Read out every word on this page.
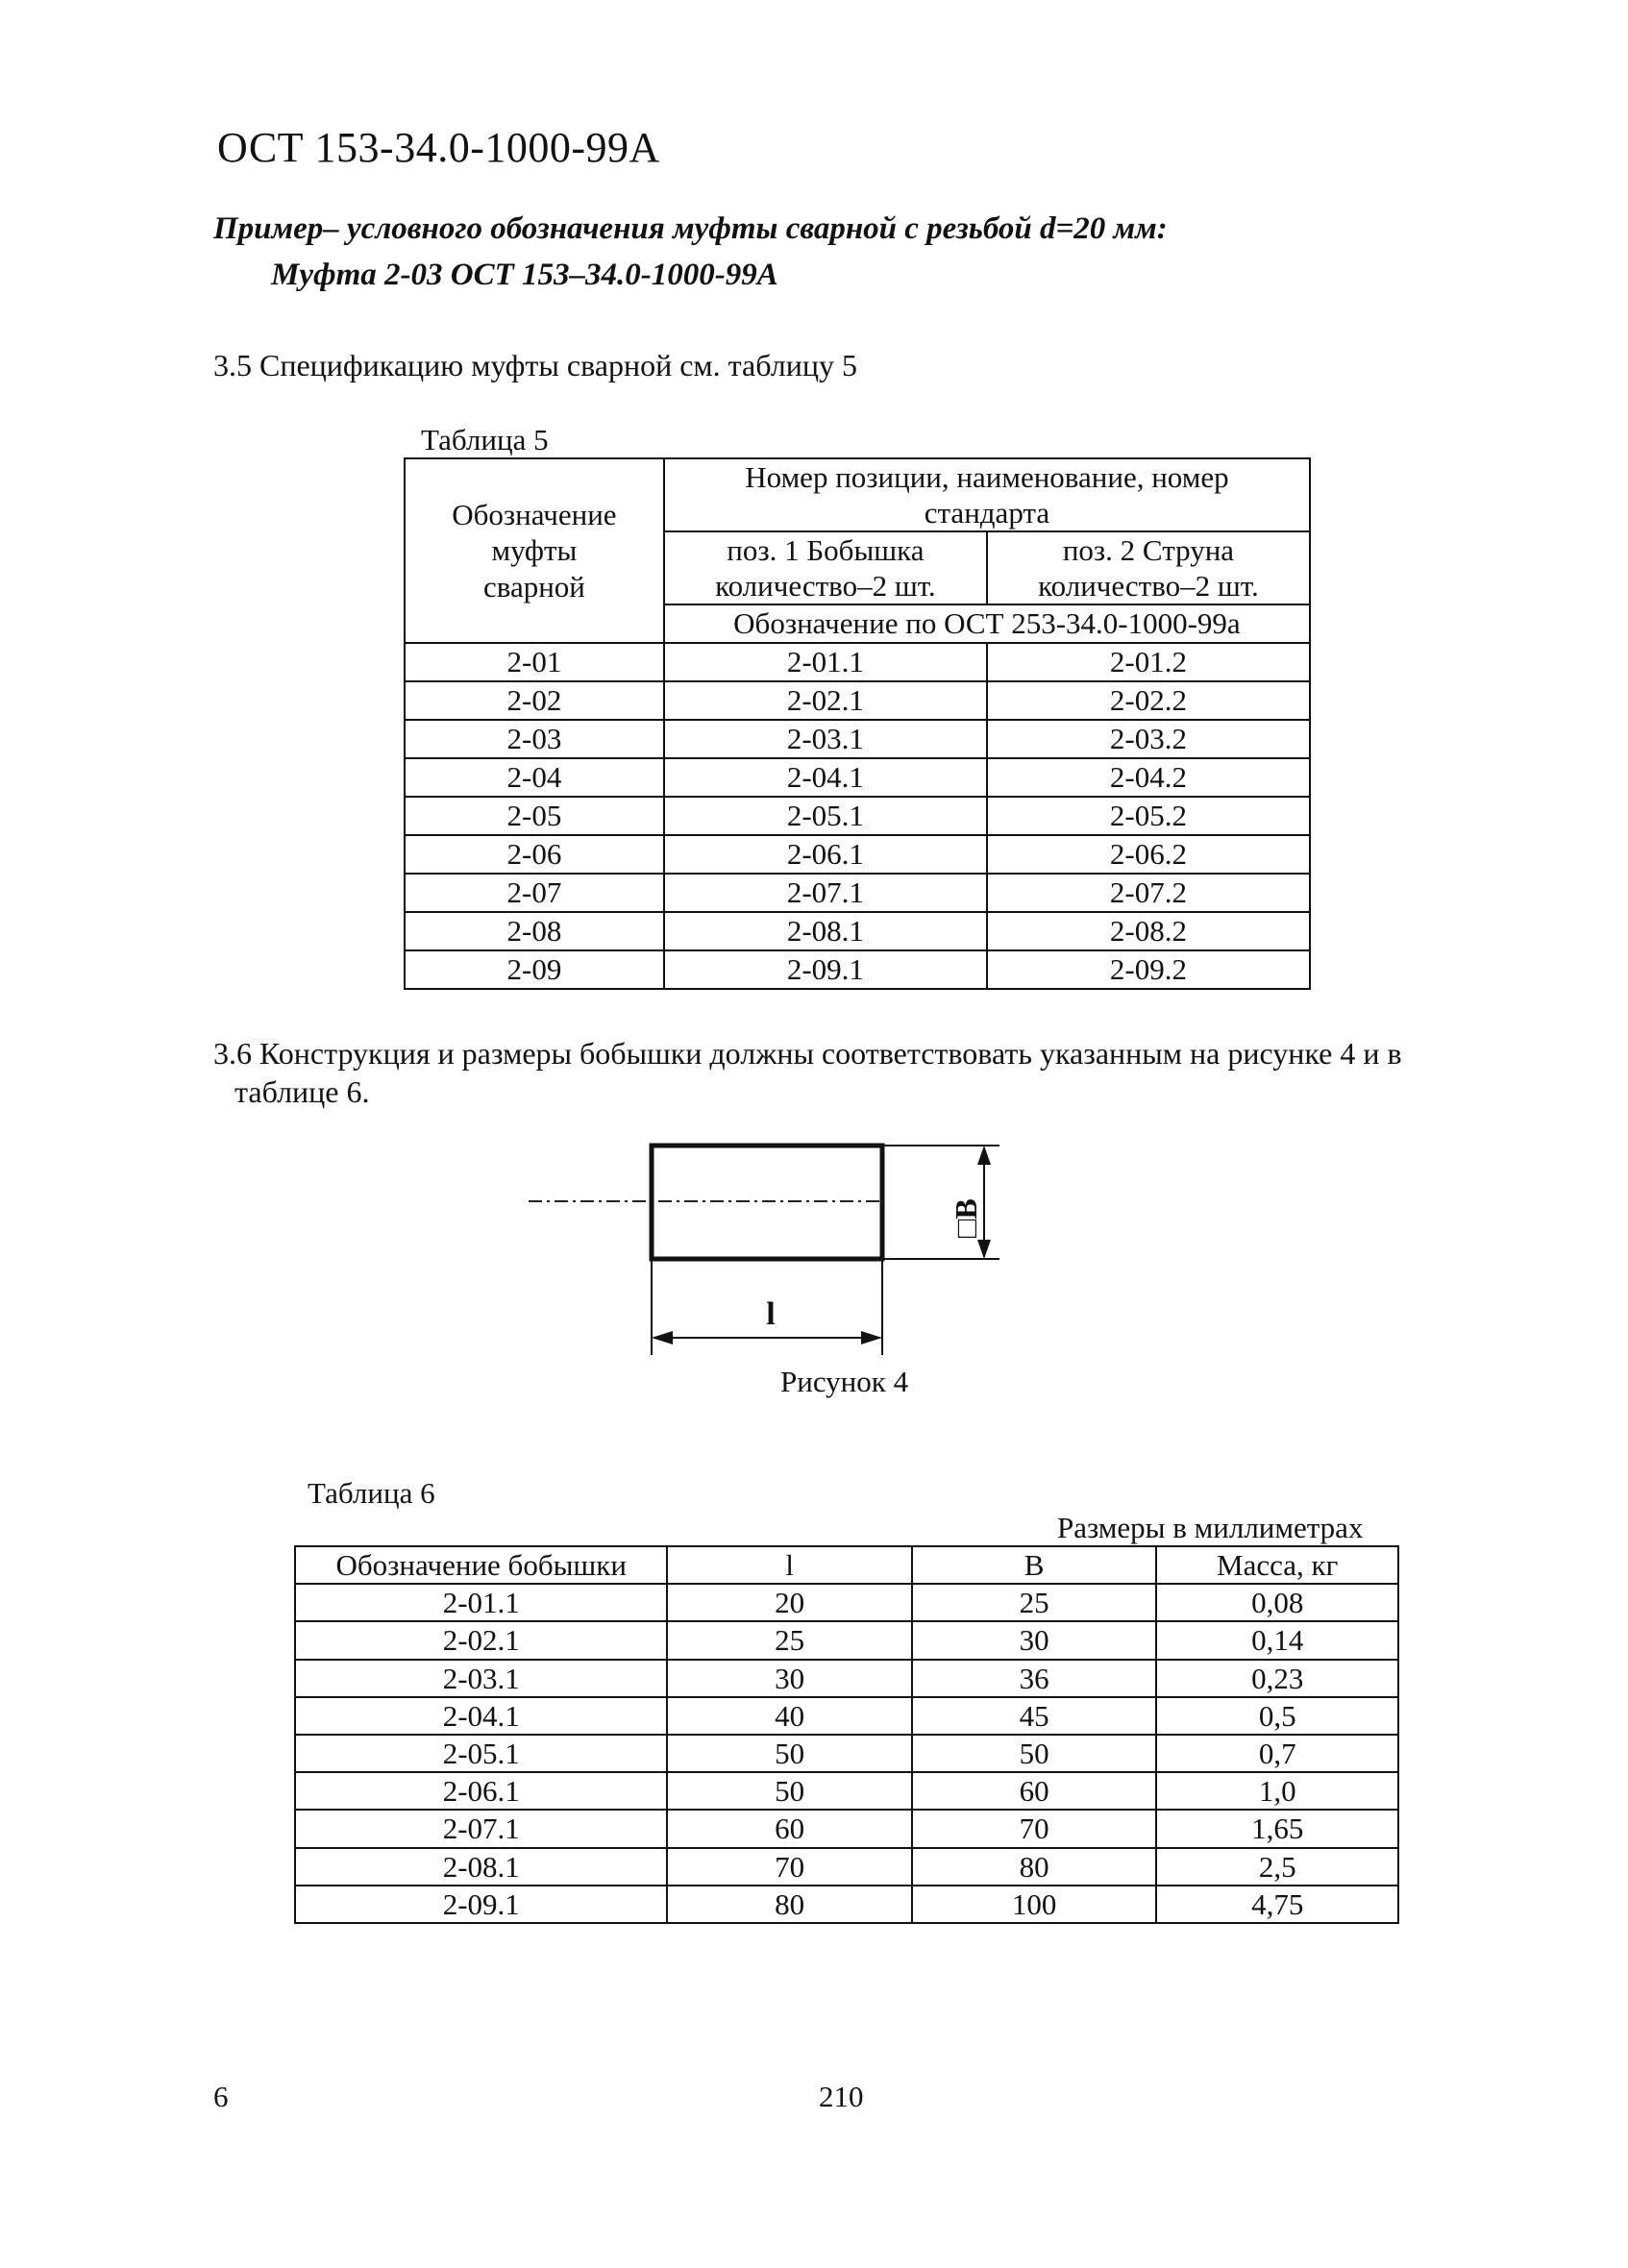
ОСТ 153-34.0-1000-99А
Пример– условного обозначения муфты сварной с резьбой d=20 мм:
Муфта 2-03 ОСТ 153–34.0-1000-99А
3.5 Спецификацию муфты сварной см. таблицу 5
Таблица 5
Обозначение муфты сварной	Номер позиции, наименование, номер стандарта	
	поз. 1 Бобышка количество–2 шт.	поз. 2 Струна количество–2 шт.
	Обозначение по ОСТ 253-34.0-1000-99а	
2-01	2-01.1	2-01.2
2-02	2-02.1	2-02.2
2-03	2-03.1	2-03.2
2-04	2-04.1	2-04.2
2-05	2-05.1	2-05.2
2-06	2-06.1	2-06.2
2-07	2-07.1	2-07.2
2-08	2-08.1	2-08.2
2-09	2-09.1	2-09.2
3.6 Конструкция и размеры бобышки должны соответствовать указанным на рисунке 4 и в
таблице 6.
□B
l
Рисунок 4
Таблица 6
Размеры в миллиметрах
Обозначение бобышки	l	B	Масса, кг
2-01.1	20	25	0,08
2-02.1	25	30	0,14
2-03.1	30	36	0,23
2-04.1	40	45	0,5
2-05.1	50	50	0,7
2-06.1	50	60	1,0
2-07.1	60	70	1,65
2-08.1	70	80	2,5
2-09.1	80	100	4,75
6	210
